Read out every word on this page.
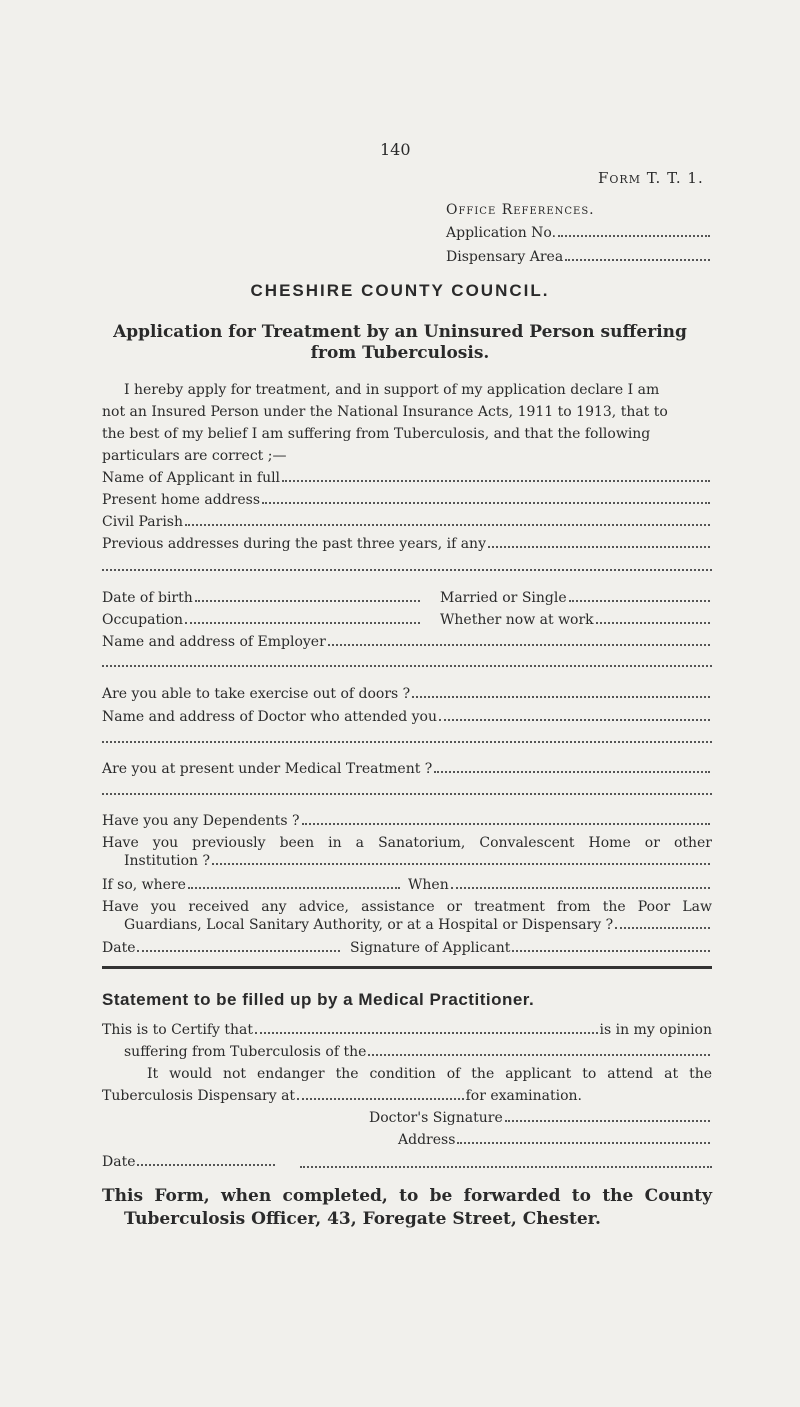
140
Form T. T. 1.
Office References.
Application No.
Dispensary Area
CHESHIRE COUNTY COUNCIL.
Application for Treatment by an Uninsured Person suffering
from Tuberculosis.
I hereby apply for treatment, and in support of my application declare I am
not an Insured Person under the National Insurance Acts, 1911 to 1913, that to
the best of my belief I am suffering from Tuberculosis, and that the following
particulars are correct ;—
Name of Applicant in full
Present home address
Civil Parish
Previous addresses during the past three years, if any
Date of birth	Married or Single
Occupation	Whether now at work
Name and address of Employer
Are you able to take exercise out of doors ?
Name and address of Doctor who attended you
Are you at present under Medical Treatment ?
Have you any Dependents ?
Have you previously been in a Sanatorium, Convalescent Home or other
Institution ?
If so, where	When
Have you received any advice, assistance or treatment from the Poor Law
Guardians, Local Sanitary Authority, or at a Hospital or Dispensary ?
Date	Signature of Applicant
Statement to be filled up by a Medical Practitioner.
This is to Certify that	is in my opinion
suffering from Tuberculosis of the
It would not endanger the condition of the applicant to attend at the
Tuberculosis Dispensary at	for examination.
Doctor's Signature
Address
Date
This Form, when completed, to be forwarded to the County
Tuberculosis Officer, 43, Foregate Street, Chester.
